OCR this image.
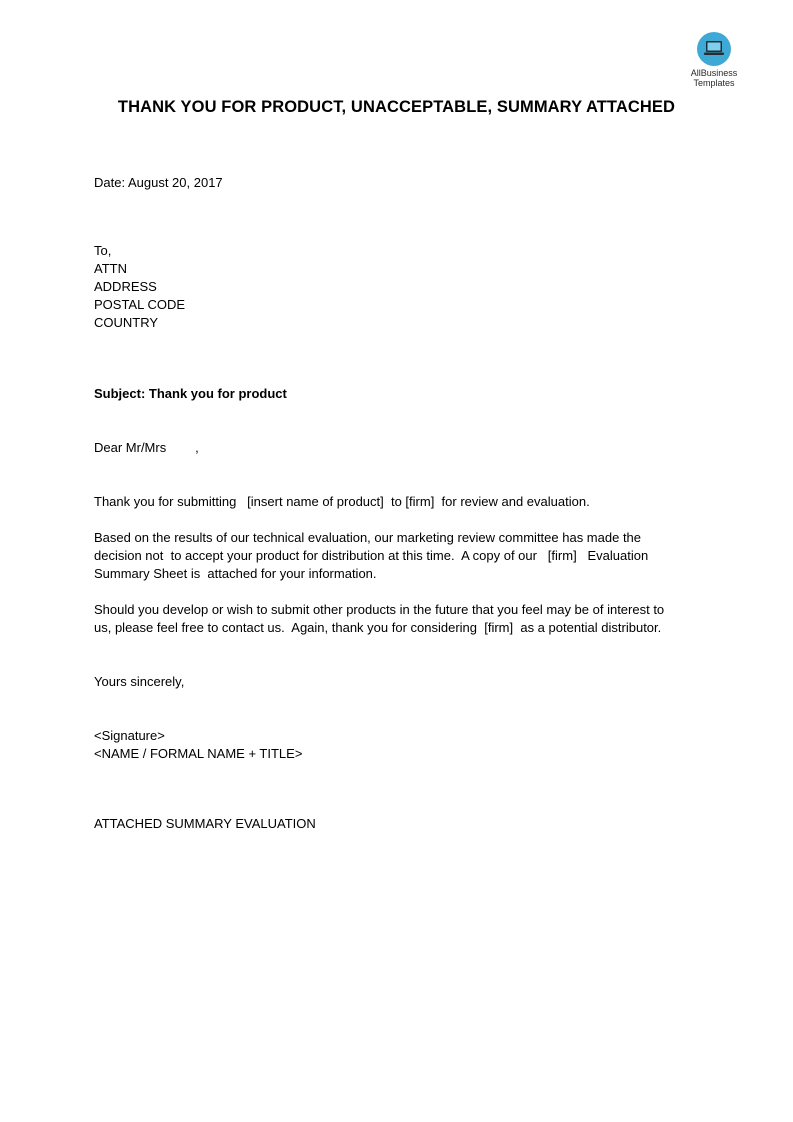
AllBusiness
Templates
THANK YOU FOR PRODUCT, UNACCEPTABLE, SUMMARY ATTACHED

Date: August 20, 2017

To,
ATTN
ADDRESS
POSTAL CODE
COUNTRY

Subject: Thank you for product

Dear Mr/Mrs        ,

Thank you for submitting   [insert name of product]  to [firm]  for review and evaluation.

Based on the results of our technical evaluation, our marketing review committee has made the
decision not  to accept your product for distribution at this time.  A copy of our   [firm]   Evaluation
Summary Sheet is  attached for your information.
Should you develop or wish to submit other products in the future that you feel may be of interest to
us, please feel free to contact us.  Again, thank you for considering  [firm]  as a potential distributor.

Yours sincerely,

<Signature>
<NAME / FORMAL NAME + TITLE>

ATTACHED SUMMARY EVALUATION
